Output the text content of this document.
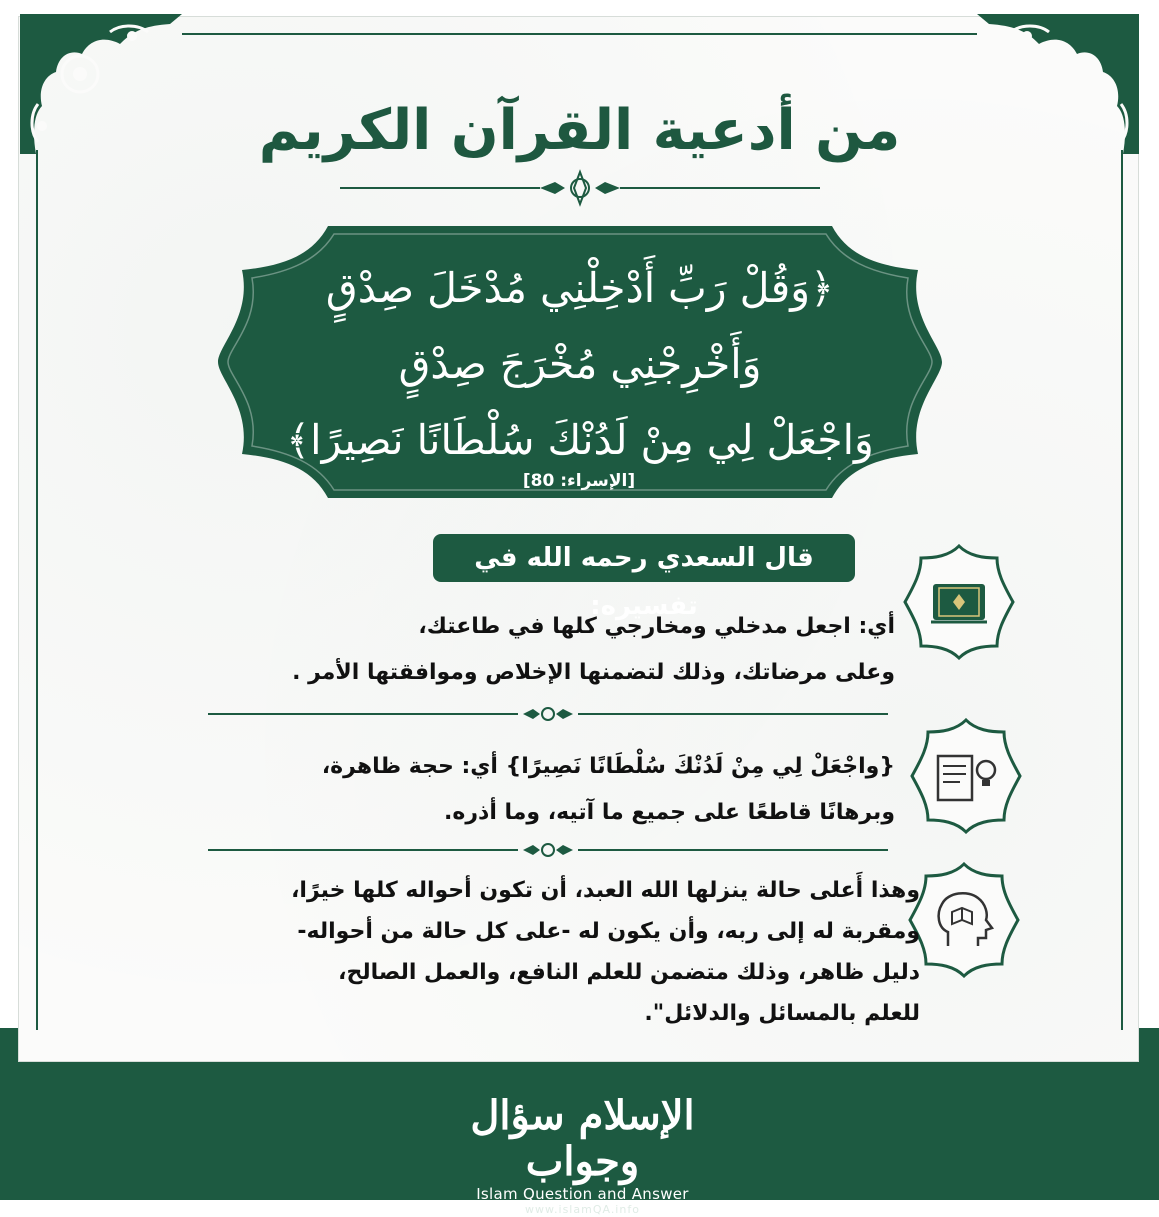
من أدعية القرآن الكريم
﴿وَقُلْ رَبِّ أَدْخِلْنِي مُدْخَلَ صِدْقٍ
وَأَخْرِجْنِي مُخْرَجَ صِدْقٍ
وَاجْعَلْ لِي مِنْ لَدُنْكَ سُلْطَانًا نَصِيرًا﴾
[الإسراء: 80]
قال السعدي رحمه الله في تفسيره:
أي: اجعل مدخلي ومخارجي كلها في طاعتك،
وعلى مرضاتك، وذلك لتضمنها الإخلاص وموافقتها الأمر .
{واجْعَلْ لِي مِنْ لَدُنْكَ سُلْطَانًا نَصِيرًا} أي: حجة ظاهرة،
وبرهانًا قاطعًا على جميع ما آتيه، وما أذره.
وهذا أَعلى حالة ينزلها الله العبد، أن تكون أحواله كلها خيرًا،
ومقربة له إلى ربه، وأن يكون له -على كل حالة من أحواله-
دليل ظاهر، وذلك متضمن للعلم النافع، والعمل الصالح،
للعلم بالمسائل والدلائل".
الإسلام سؤال وجواب
Islam Question and Answer
www.islamQA.info
